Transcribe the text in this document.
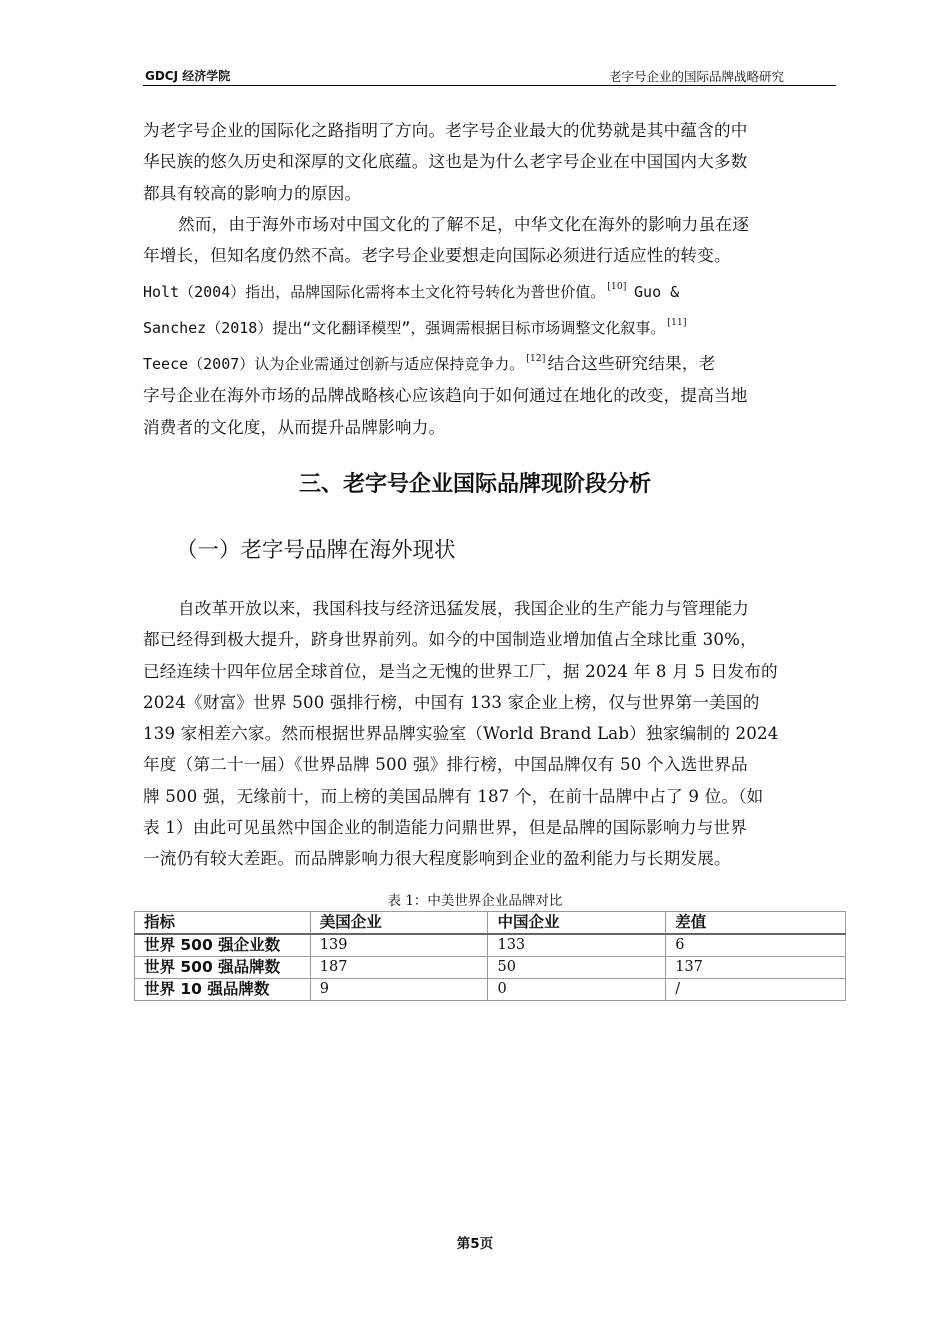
GDCJ 经济学院	老字号企业的国际品牌战略研究
为老字号企业的国际化之路指明了方向。老字号企业最大的优势就是其中蕴含的中
华民族的悠久历史和深厚的文化底蕴。这也是为什么老字号企业在中国国内大多数
都具有较高的影响力的原因。
然而，由于海外市场对中国文化的了解不足，中华文化在海外的影响力虽在逐
年增长，但知名度仍然不高。老字号企业要想走向国际必须进行适应性的转变。
Holt（2004）指出，品牌国际化需将本土文化符号转化为普世价值。 [10] Guo &
Sanchez（2018）提出“文化翻译模型”，强调需根据目标市场调整文化叙事。 [11]
Teece（2007）认为企业需通过创新与适应保持竞争力。 [12] 结合这些研究结果，老
字号企业在海外市场的品牌战略核心应该趋向于如何通过在地化的改变，提高当地
消费者的文化度，从而提升品牌影响力。
三、老字号企业国际品牌现阶段分析
（一）老字号品牌在海外现状
自改革开放以来，我国科技与经济迅猛发展，我国企业的生产能力与管理能力
都已经得到极大提升，跻身世界前列。如今的中国制造业增加值占全球比重 30%，
已经连续十四年位居全球首位，是当之无愧的世界工厂，据 2024 年 8 月 5 日发布的
2024《财富》世界 500 强排行榜，中国有 133 家企业上榜，仅与世界第一美国的
139 家相差六家。然而根据世界品牌实验室（World Brand Lab）独家编制的 2024
年度（第二十一届）《世界品牌 500 强》排行榜，中国品牌仅有 50 个入选世界品
牌 500 强，无缘前十，而上榜的美国品牌有 187 个，在前十品牌中占了 9 位。（如
表 1）由此可见虽然中国企业的制造能力问鼎世界，但是品牌的国际影响力与世界
一流仍有较大差距。而品牌影响力很大程度影响到企业的盈利能力与长期发展。
表 1：中美世界企业品牌对比
指标	美国企业	中国企业	差值
世界 500 强企业数	139	133	6
世界 500 强品牌数	187	50	137
世界 10 强品牌数	9	0	/
第5页
